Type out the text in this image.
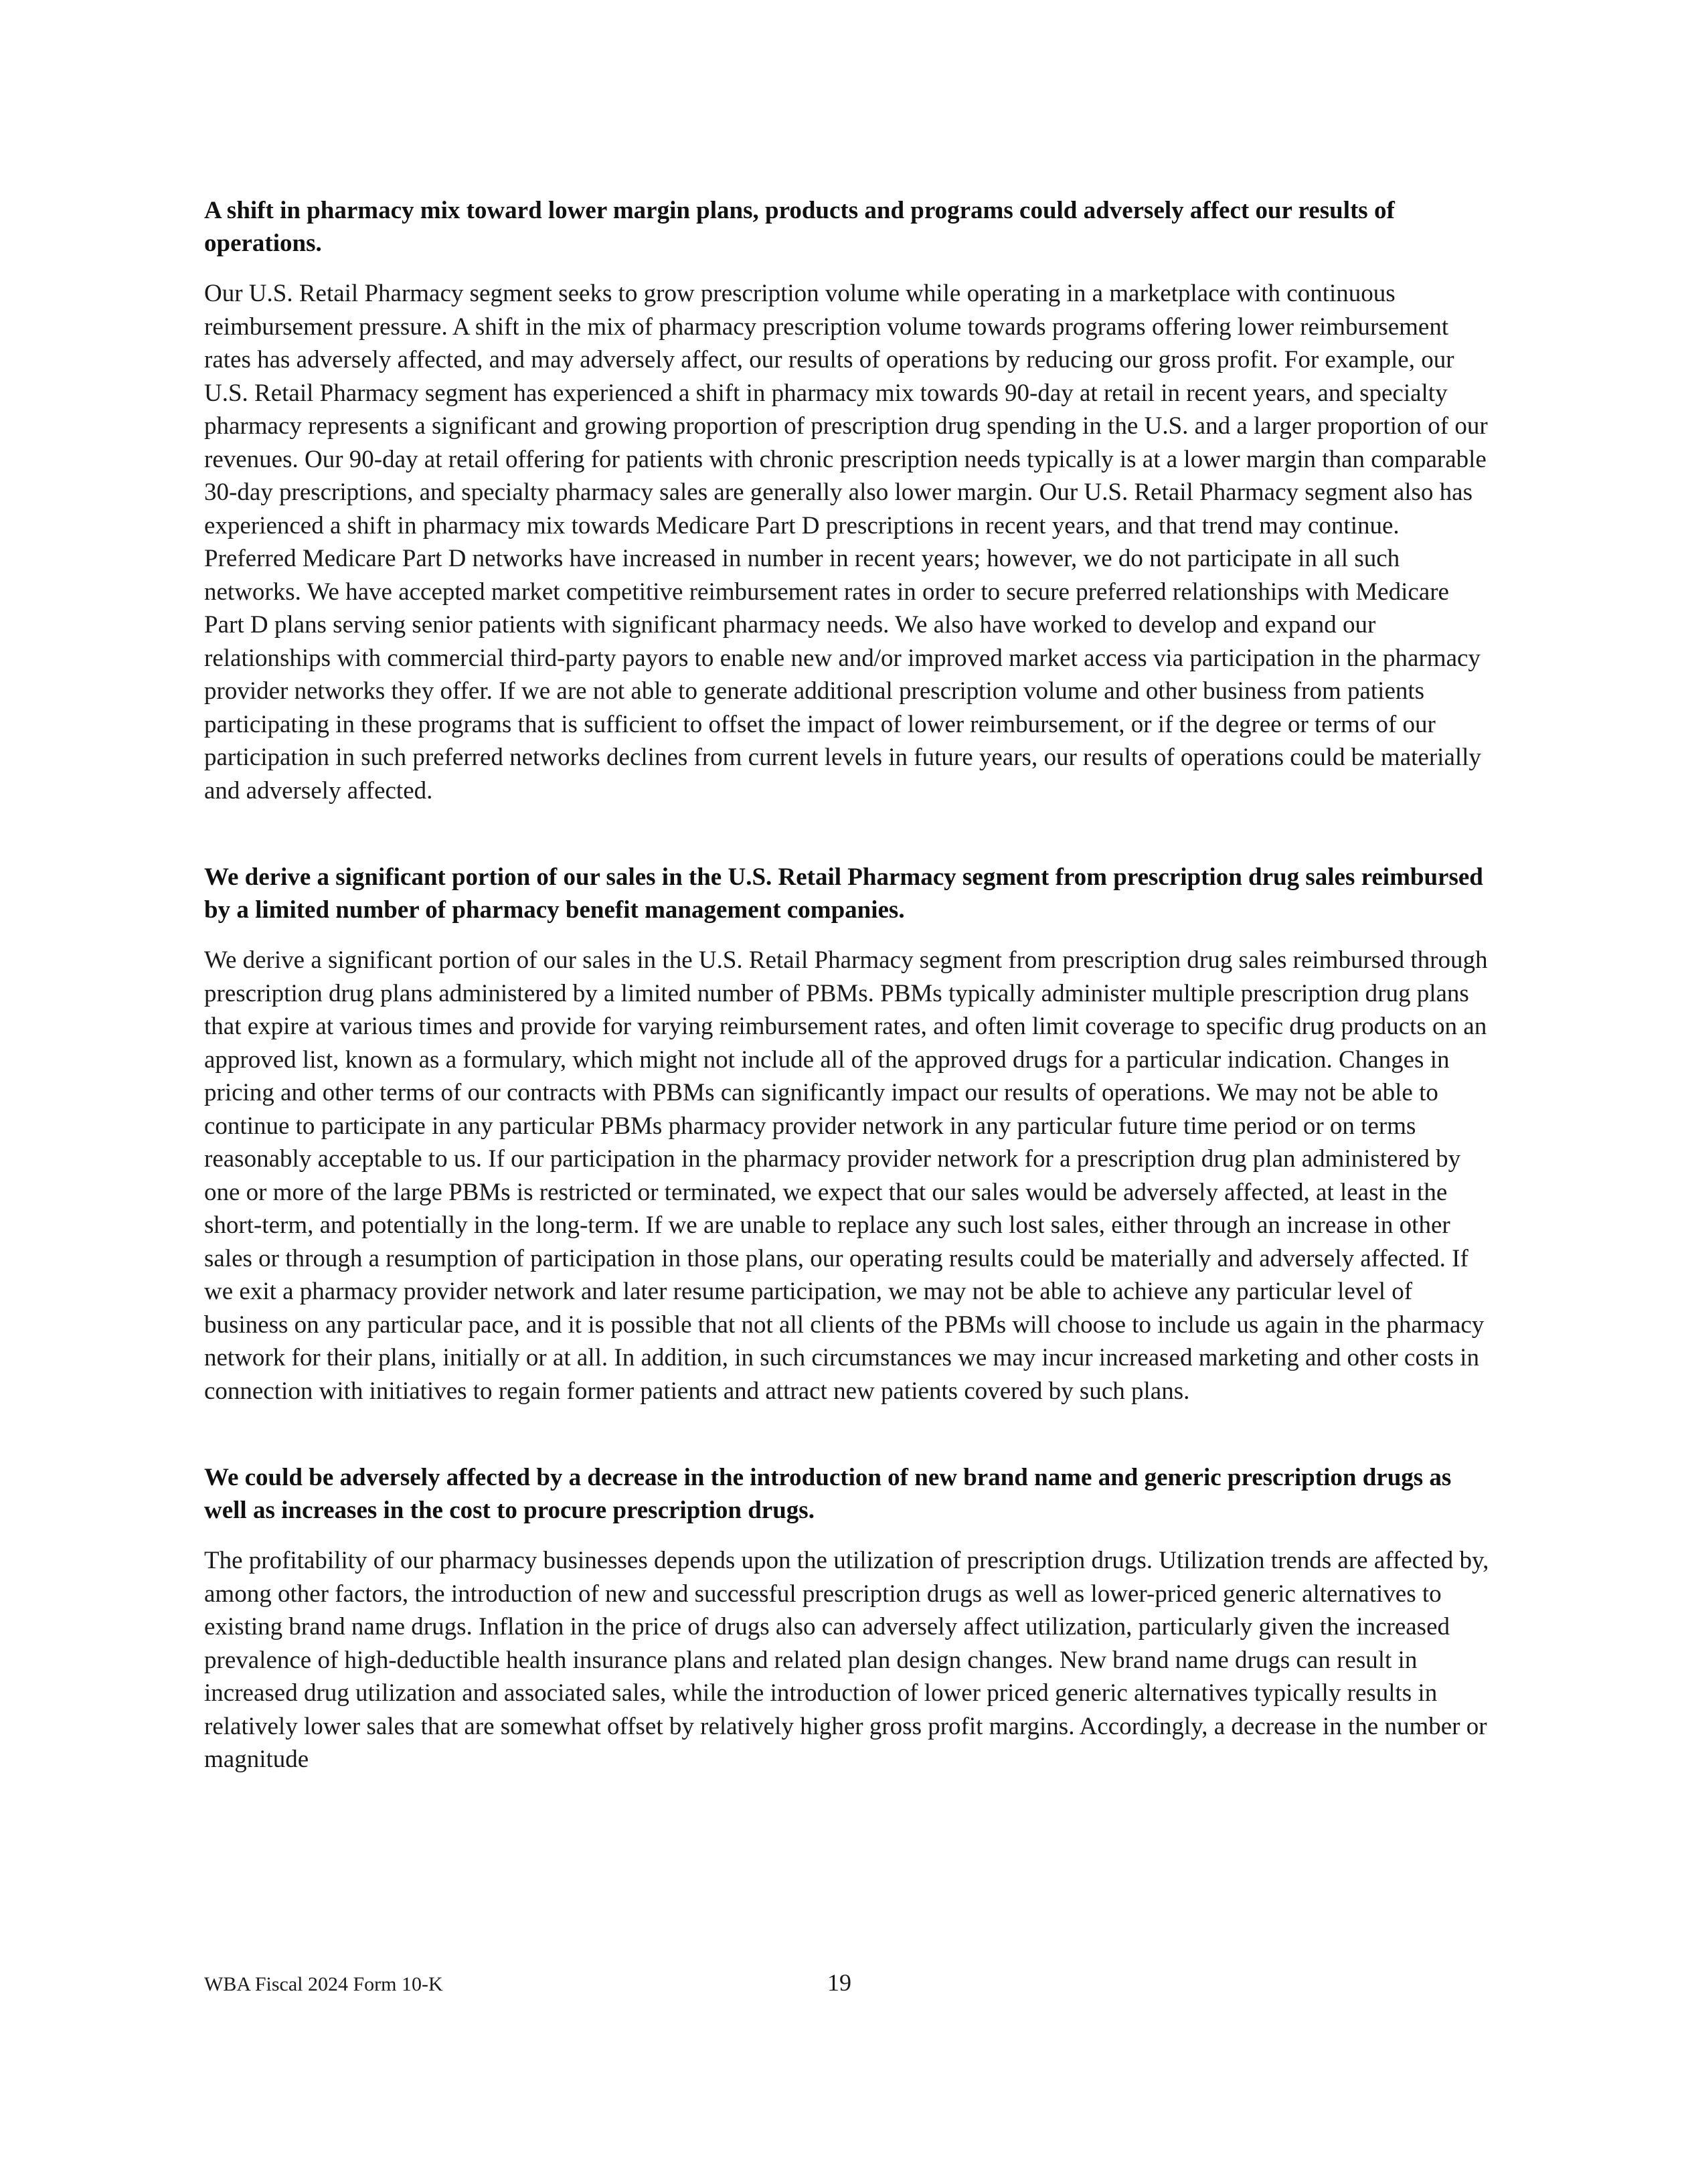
A shift in pharmacy mix toward lower margin plans, products and programs could adversely affect our results of operations.

Our U.S. Retail Pharmacy segment seeks to grow prescription volume while operating in a marketplace with continuous reimbursement pressure. A shift in the mix of pharmacy prescription volume towards programs offering lower reimbursement rates has adversely affected, and may adversely affect, our results of operations by reducing our gross profit. For example, our U.S. Retail Pharmacy segment has experienced a shift in pharmacy mix towards 90-day at retail in recent years, and specialty pharmacy represents a significant and growing proportion of prescription drug spending in the U.S. and a larger proportion of our revenues. Our 90-day at retail offering for patients with chronic prescription needs typically is at a lower margin than comparable 30-day prescriptions, and specialty pharmacy sales are generally also lower margin. Our U.S. Retail Pharmacy segment also has experienced a shift in pharmacy mix towards Medicare Part D prescriptions in recent years, and that trend may continue. Preferred Medicare Part D networks have increased in number in recent years; however, we do not participate in all such networks. We have accepted market competitive reimbursement rates in order to secure preferred relationships with Medicare Part D plans serving senior patients with significant pharmacy needs. We also have worked to develop and expand our relationships with commercial third-party payors to enable new and/or improved market access via participation in the pharmacy provider networks they offer. If we are not able to generate additional prescription volume and other business from patients participating in these programs that is sufficient to offset the impact of lower reimbursement, or if the degree or terms of our participation in such preferred networks declines from current levels in future years, our results of operations could be materially and adversely affected.

We derive a significant portion of our sales in the U.S. Retail Pharmacy segment from prescription drug sales reimbursed by a limited number of pharmacy benefit management companies.

We derive a significant portion of our sales in the U.S. Retail Pharmacy segment from prescription drug sales reimbursed through prescription drug plans administered by a limited number of PBMs. PBMs typically administer multiple prescription drug plans that expire at various times and provide for varying reimbursement rates, and often limit coverage to specific drug products on an approved list, known as a formulary, which might not include all of the approved drugs for a particular indication. Changes in pricing and other terms of our contracts with PBMs can significantly impact our results of operations. We may not be able to continue to participate in any particular PBMs pharmacy provider network in any particular future time period or on terms reasonably acceptable to us. If our participation in the pharmacy provider network for a prescription drug plan administered by one or more of the large PBMs is restricted or terminated, we expect that our sales would be adversely affected, at least in the short-term, and potentially in the long-term. If we are unable to replace any such lost sales, either through an increase in other sales or through a resumption of participation in those plans, our operating results could be materially and adversely affected. If we exit a pharmacy provider network and later resume participation, we may not be able to achieve any particular level of business on any particular pace, and it is possible that not all clients of the PBMs will choose to include us again in the pharmacy network for their plans, initially or at all. In addition, in such circumstances we may incur increased marketing and other costs in connection with initiatives to regain former patients and attract new patients covered by such plans.

We could be adversely affected by a decrease in the introduction of new brand name and generic prescription drugs as well as increases in the cost to procure prescription drugs.

The profitability of our pharmacy businesses depends upon the utilization of prescription drugs. Utilization trends are affected by, among other factors, the introduction of new and successful prescription drugs as well as lower-priced generic alternatives to existing brand name drugs. Inflation in the price of drugs also can adversely affect utilization, particularly given the increased prevalence of high-deductible health insurance plans and related plan design changes. New brand name drugs can result in increased drug utilization and associated sales, while the introduction of lower priced generic alternatives typically results in relatively lower sales that are somewhat offset by relatively higher gross profit margins. Accordingly, a decrease in the number or magnitude

WBA Fiscal 2024 Form 10-K	19
